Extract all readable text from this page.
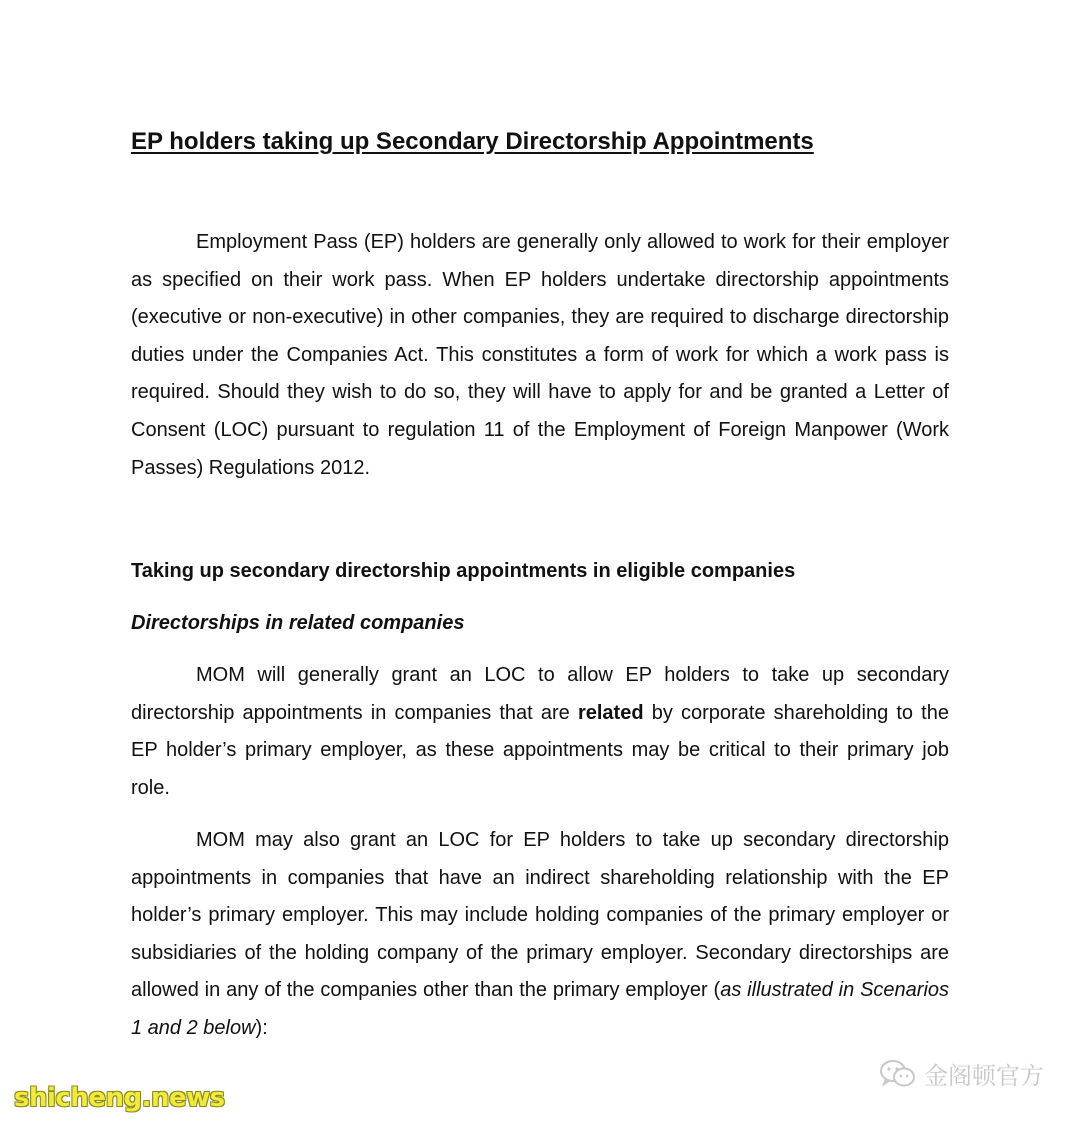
EP holders taking up Secondary Directorship Appointments

Employment Pass (EP) holders are generally only allowed to work for their employer as specified on their work pass. When EP holders undertake directorship appointments (executive or non-executive) in other companies, they are required to discharge directorship duties under the Companies Act. This constitutes a form of work for which a work pass is required. Should they wish to do so, they will have to apply for and be granted a Letter of Consent (LOC) pursuant to regulation 11 of the Employment of Foreign Manpower (Work Passes) Regulations 2012.

Taking up secondary directorship appointments in eligible companies
Directorships in related companies

MOM will generally grant an LOC to allow EP holders to take up secondary directorship appointments in companies that are related by corporate shareholding to the EP holder’s primary employer, as these appointments may be critical to their primary job role.

MOM may also grant an LOC for EP holders to take up secondary directorship appointments in companies that have an indirect shareholding relationship with the EP holder’s primary employer. This may include holding companies of the primary employer or subsidiaries of the holding company of the primary employer. Secondary directorships are allowed in any of the companies other than the primary employer (as illustrated in Scenarios 1 and 2 below):

金阁顿官方
shicheng.news
